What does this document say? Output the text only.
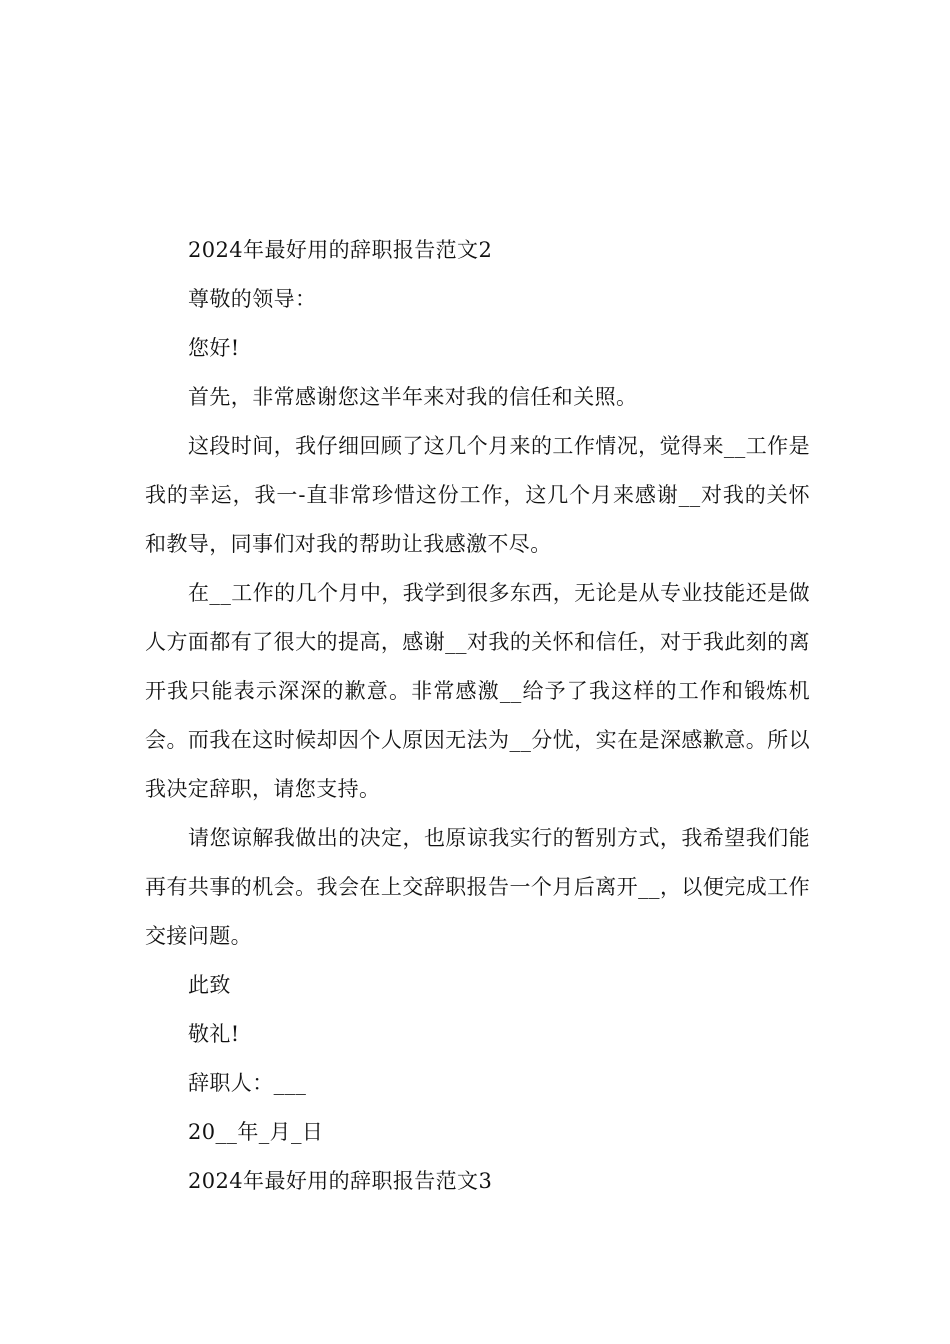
2024年最好用的辞职报告范文2

尊敬的领导：

您好!

首先，非常感谢您这半年来对我的信任和关照。

这段时间，我仔细回顾了这几个月来的工作情况，觉得来__工作是我的幸运，我一-直非常珍惜这份工作，这几个月来感谢__对我的关怀和教导，同事们对我的帮助让我感激不尽。

在__工作的几个月中，我学到很多东西，无论是从专业技能还是做人方面都有了很大的提高，感谢__对我的关怀和信任，对于我此刻的离开我只能表示深深的歉意。非常感激__给予了我这样的工作和锻炼机会。而我在这时候却因个人原因无法为__分忧，实在是深感歉意。所以我决定辞职，请您支持。

请您谅解我做出的决定，也原谅我实行的暂别方式，我希望我们能再有共事的机会。我会在上交辞职报告一个月后离开__，以便完成工作交接问题。

此致

敬礼!

辞职人：___

20__年_月_日

2024年最好用的辞职报告范文3
